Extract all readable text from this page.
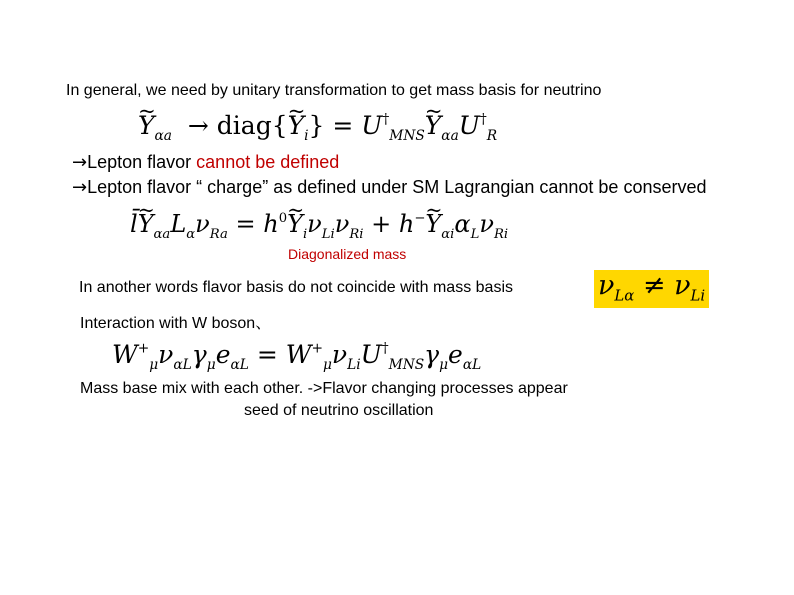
In general, we need by unitary transformation to get mass basis for neutrino
~ $Y_{\alpha a}$  → diag{~ $Y_i$} = $U^\dagger_{MNS}\sim$ $Y_{\alpha a}U^\dagger_R$
→Lepton flavor cannot be defined
→Lepton flavor “ charge” as defined under SM Lagrangian cannot be conserved
l̄~ $Y_{\alpha a}L_\alpha\nu_{Ra}$ = $h^0\sim$ $Y_i\nu_{Li}\nu_{Ri}$ + h−~ $Y_{\alpha i}\alpha_L\nu_{Ri}$
Diagonalized mass
In another words flavor basis do not coincide with mass basis	$\nu_{L\alpha} \ne \nu_{Li}$
Interaction with W boson、
$W^+_\mu\nu_{\alpha L}\gamma_\mu e_{\alpha L} = W^+_\mu\nu_{Li}U^\dagger_{MNS}\gamma_\mu e_{\alpha L}$
Mass base mix with each other. ->Flavor changing processes appear
seed of neutrino oscillation
